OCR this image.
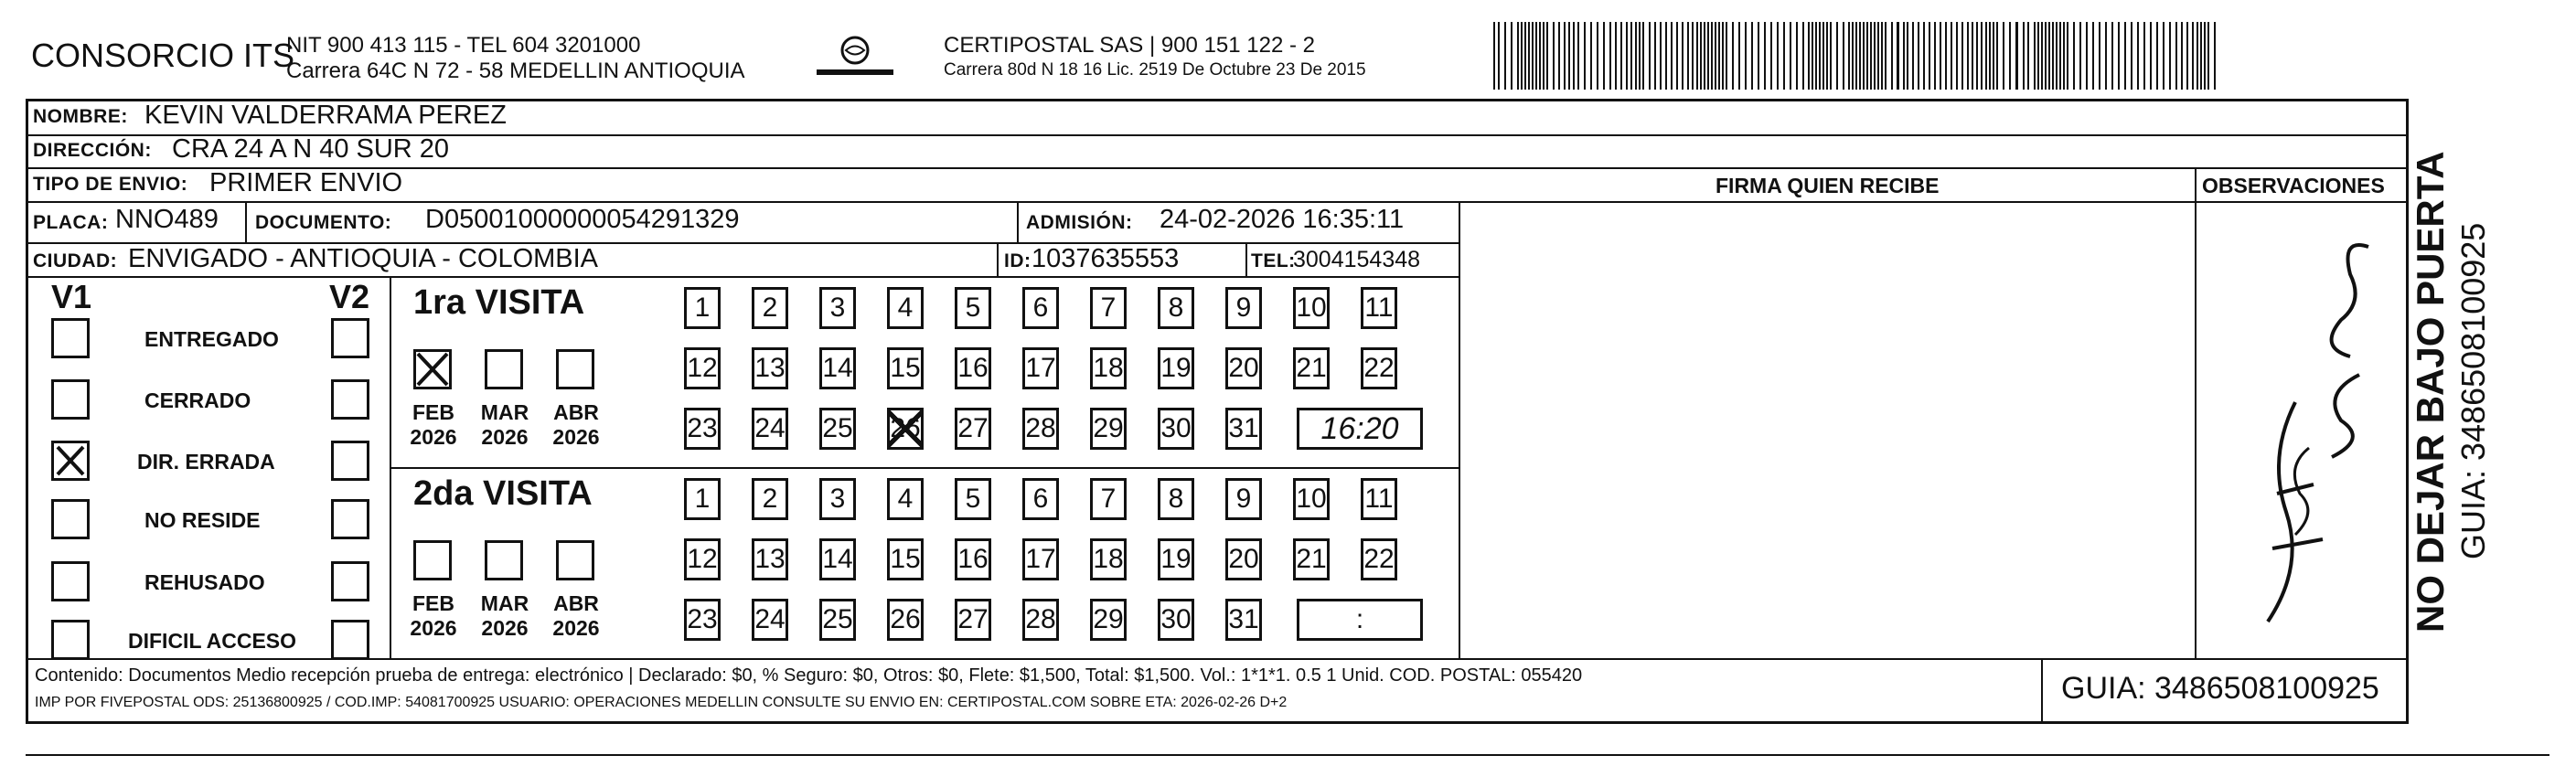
CONSORCIO ITS
NIT 900 413 115 - TEL 604 3201000
Carrera 64C N 72 - 58 MEDELLIN ANTIOQUIA
CERTIPOSTAL SAS | 900 151 122 - 2
Carrera 80d N 18 16 Lic. 2519 De Octubre 23 De 2015
NOMBRE: KEVIN VALDERRAMA PEREZ
DIRECCIÓN: CRA 24 A N 40 SUR 20
TIPO DE ENVIO: PRIMER ENVIO	FIRMA QUIEN RECIBE	OBSERVACIONES
PLACA: NNO489 DOCUMENTO: D05001000000054291329	ADMISIÓN: 24-02-2026 16:35:11
CIUDAD: ENVIGADO - ANTIOQUIA - COLOMBIA	ID: 1037635553	TEL:
3004154348
V1	V2
ENTREGADO
CERRADO
DIR. ERRADA
NO RESIDE
REHUSADO
DIFICIL ACCESO
1ra VISITA
FEB
2026
MAR
2026
ABR
2026
1	2	3	4	5	6	7	8	9	10 11
12 13 14 15 16 17 18 19 20 21 22
23 24 25 26 27 28 29 30 31	16:20
2da VISITA
FEB
2026
MAR
2026
ABR
2026
1	2	3	4	5	6	7	8	9	10 11
12 13 14 15 16 17 18 19 20 21 22
23 24 25 26 27 28 29 30 31	:
Contenido: Documentos Medio recepción prueba de entrega: electrónico | Declarado: $0, % Seguro: $0, Otros: $0, Flete: $1,500, Total: $1,500. Vol.: 1*1*1. 0.5 1 Unid. COD. POSTAL: 055420
IMP POR FIVEPOSTAL ODS: 25136800925 / COD.IMP: 54081700925 USUARIO: OPERACIONES MEDELLIN CONSULTE SU ENVIO EN: CERTIPOSTAL.COM SOBRE ETA: 2026-02-26 D+2	GUIA: 3486508100925
NO DEJAR BAJO PUERTA GUIA: 3486508100925
